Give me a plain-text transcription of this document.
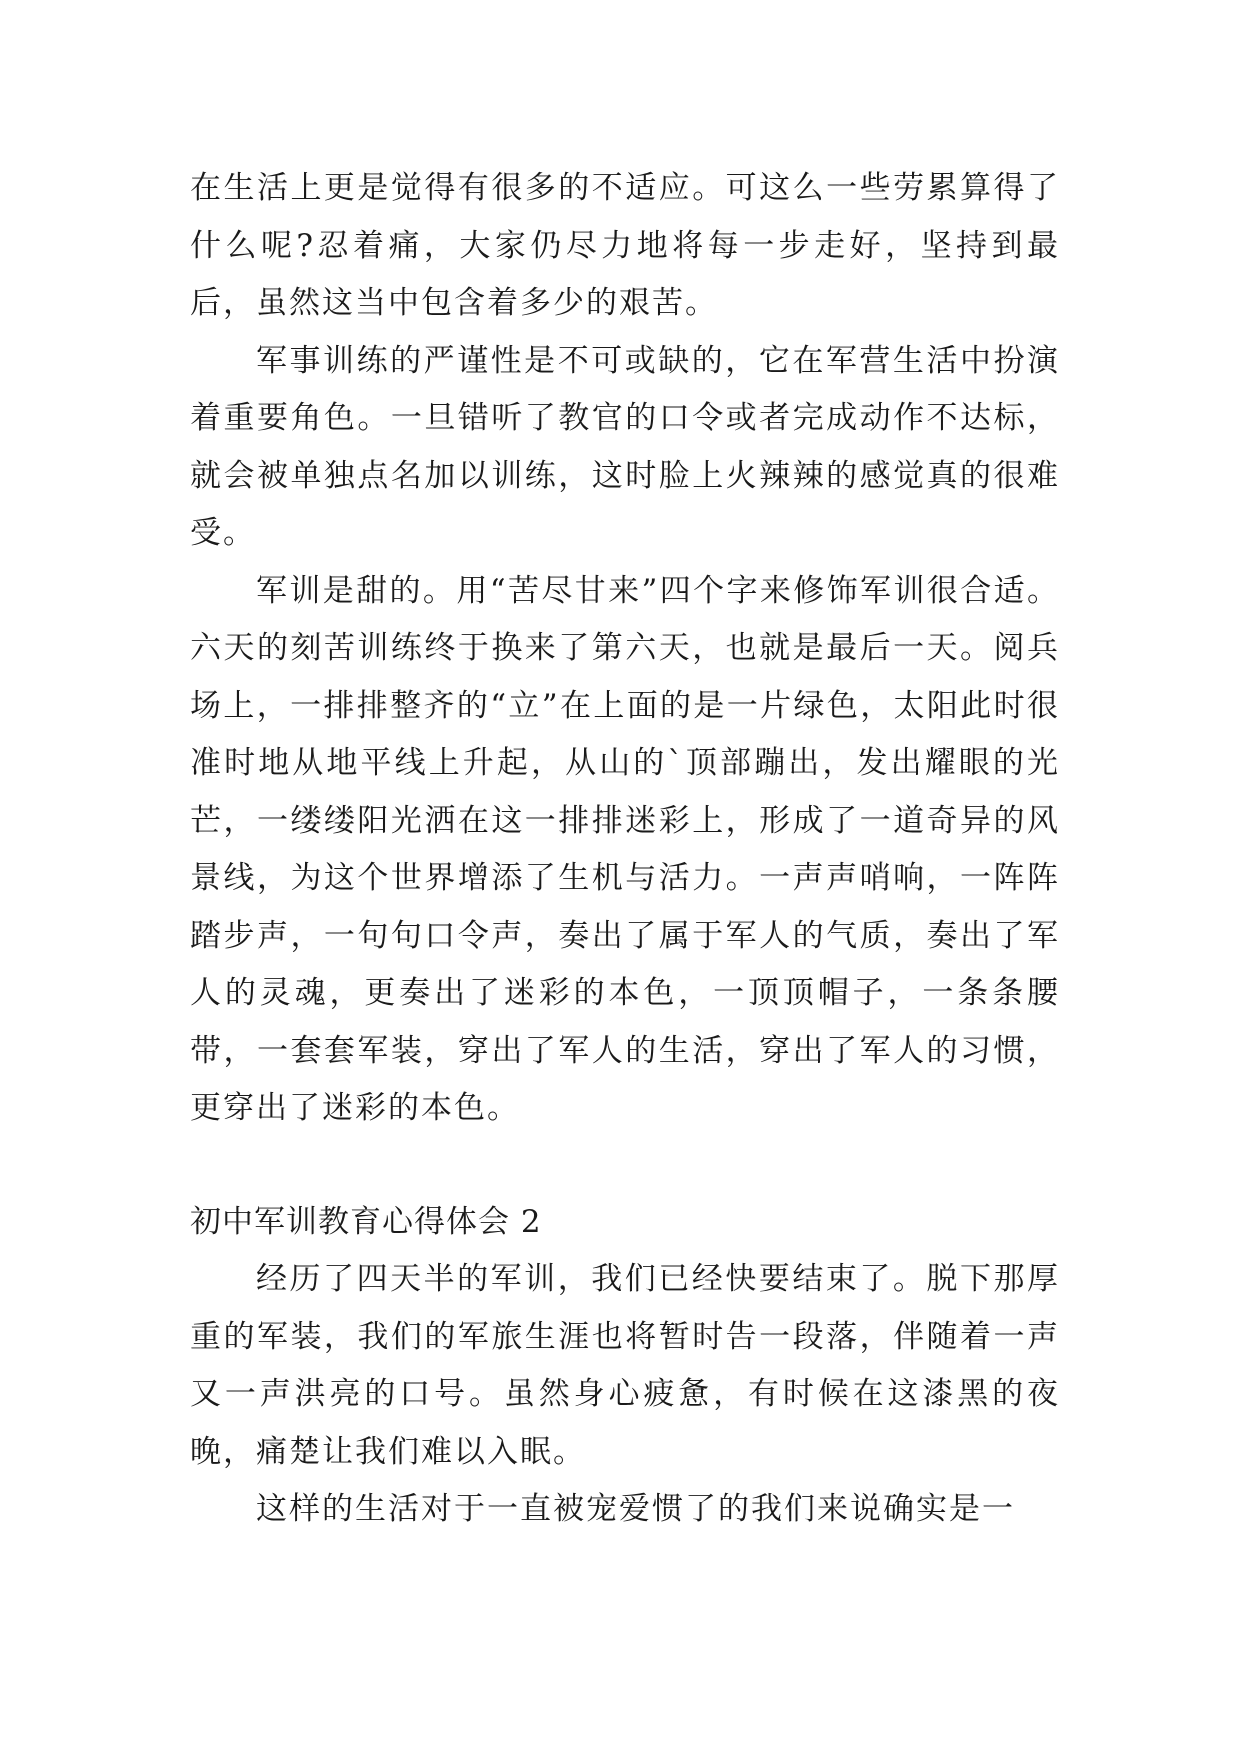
在生活上更是觉得有很多的不适应。可这么一些劳累算得了什么呢?忍着痛，大家仍尽力地将每一步走好，坚持到最后，虽然这当中包含着多少的艰苦。

军事训练的严谨性是不可或缺的，它在军营生活中扮演着重要角色。一旦错听了教官的口令或者完成动作不达标，就会被单独点名加以训练，这时脸上火辣辣的感觉真的很难受。

军训是甜的。用“苦尽甘来”四个字来修饰军训很合适。六天的刻苦训练终于换来了第六天，也就是最后一天。阅兵场上，一排排整齐的“立”在上面的是一片绿色，太阳此时很准时地从地平线上升起，从山的`顶部蹦出，发出耀眼的光芒，一缕缕阳光洒在这一排排迷彩上，形成了一道奇异的风景线，为这个世界增添了生机与活力。一声声哨响，一阵阵踏步声，一句句口令声，奏出了属于军人的气质，奏出了军人的灵魂，更奏出了迷彩的本色，一顶顶帽子，一条条腰带，一套套军装，穿出了军人的生活，穿出了军人的习惯，更穿出了迷彩的本色。

初中军训教育心得体会 2

经历了四天半的军训，我们已经快要结束了。脱下那厚重的军装，我们的军旅生涯也将暂时告一段落，伴随着一声又一声洪亮的口号。虽然身心疲惫，有时候在这漆黑的夜晚，痛楚让我们难以入眠。

这样的生活对于一直被宠爱惯了的我们来说确实是一
